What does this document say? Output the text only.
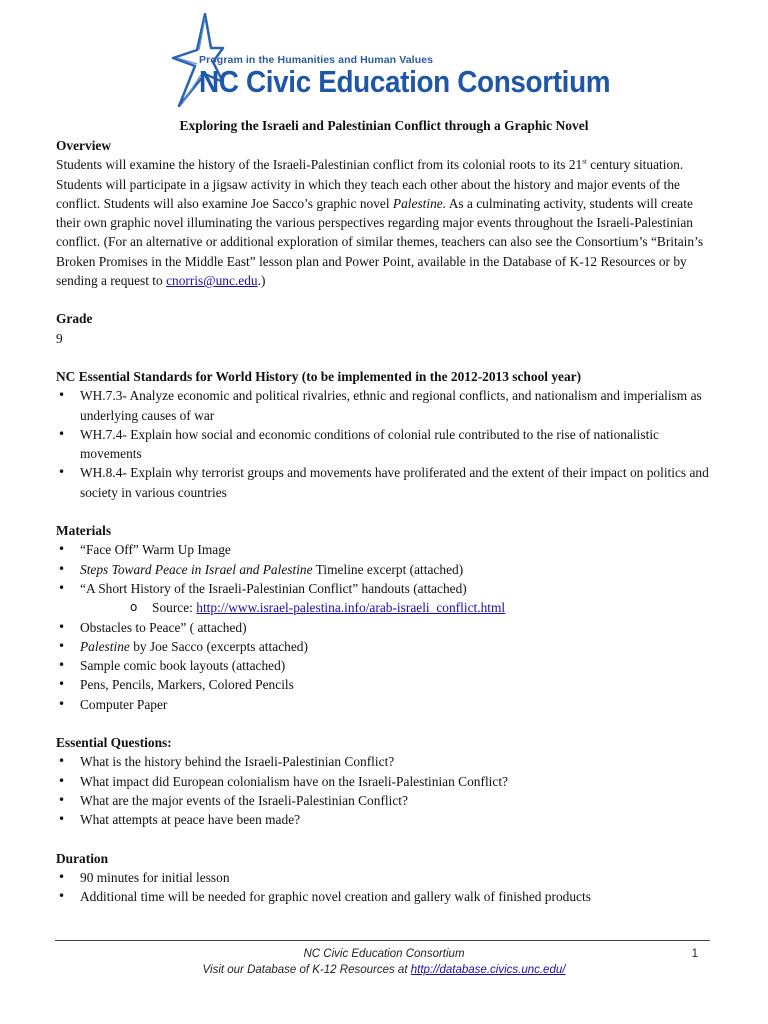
Program in the Humanities and Human Values
NC Civic Education Consortium
Exploring the Israeli and Palestinian Conflict through a Graphic Novel
Overview

Students will examine the history of the Israeli-Palestinian conflict from its colonial roots to its 21st century situation. Students will participate in a jigsaw activity in which they teach each other about the history and major events of the conflict. Students will also examine Joe Sacco’s graphic novel Palestine. As a culminating activity, students will create their own graphic novel illuminating the various perspectives regarding major events throughout the Israeli-Palestinian conflict. (For an alternative or additional exploration of similar themes, teachers can also see the Consortium’s “Britain’s Broken Promises in the Middle East” lesson plan and Power Point, available in the Database of K-12 Resources or by sending a request to cnorris@unc.edu.)

Grade

9

NC Essential Standards for World History (to be implemented in the 2012-2013 school year)
• WH.7.3- Analyze economic and political rivalries, ethnic and regional conflicts, and nationalism and imperialism as underlying causes of war
• WH.7.4- Explain how social and economic conditions of colonial rule contributed to the rise of nationalistic movements
• WH.8.4- Explain why terrorist groups and movements have proliferated and the extent of their impact on politics and society in various countries
Materials
• “Face Off” Warm Up Image
• Steps Toward Peace in Israel and Palestine Timeline excerpt (attached)
• “A Short History of the Israeli-Palestinian Conflict” handouts (attached)
o Source: http://www.israel-palestina.info/arab-israeli_conflict.html
• Obstacles to Peace” ( attached)
• Palestine by Joe Sacco (excerpts attached)
• Sample comic book layouts (attached)
• Pens, Pencils, Markers, Colored Pencils
• Computer Paper
Essential Questions:
• What is the history behind the Israeli-Palestinian Conflict?
• What impact did European colonialism have on the Israeli-Palestinian Conflict?
• What are the major events of the Israeli-Palestinian Conflict?
• What attempts at peace have been made?
Duration
• 90 minutes for initial lesson
• Additional time will be needed for graphic novel creation and gallery walk of finished products
NC Civic Education Consortium
Visit our Database of K-12 Resources at http://database.civics.unc.edu/
1
